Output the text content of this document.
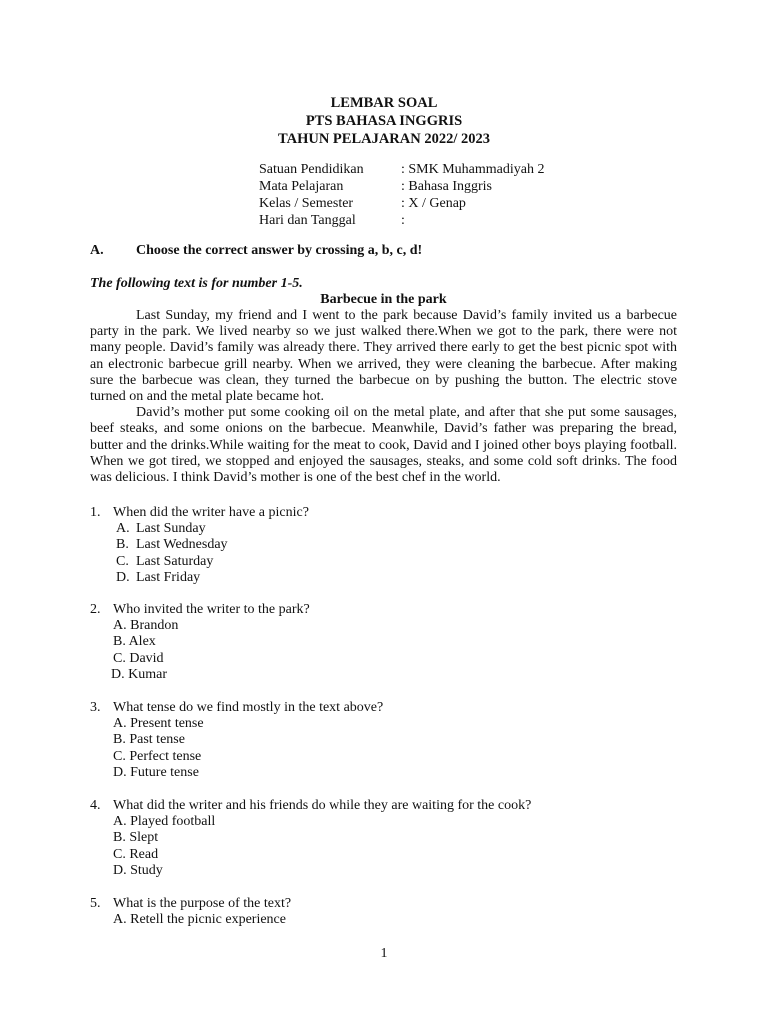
LEMBAR SOAL
PTS BAHASA INGGRIS
TAHUN PELAJARAN 2022/ 2023
Satuan Pendidikan	: SMK Muhammadiyah 2
Mata Pelajaran	: Bahasa Inggris
Kelas / Semester	: X / Genap
Hari dan Tanggal	:
A. Choose the correct answer by crossing a, b, c, d!
The following text is for number 1-5.
Barbecue in the park

Last Sunday, my friend and I went to the park because David’s family invited us a barbecue party in the park. We lived nearby so we just walked there.When we got to the park, there were not many people. David’s family was already there. They arrived there early to get the best picnic spot with an electronic barbecue grill nearby. When we arrived, they were cleaning the barbecue. After making sure the barbecue was clean, they turned the barbecue on by pushing the button. The electric stove turned on and the metal plate became hot.

David’s mother put some cooking oil on the metal plate, and after that she put some sausages, beef steaks, and some onions on the barbecue. Meanwhile, David’s father was preparing the bread, butter and the drinks.While waiting for the meat to cook, David and I joined other boys playing football. When we got tired, we stopped and enjoyed the sausages, steaks, and some cold soft drinks. The food was delicious. I think David’s mother is one of the best chef in the world.

1. When did the writer have a picnic?
A. Last Sunday
B. Last Wednesday
C. Last Saturday
D. Last Friday
2. Who invited the writer to the park?
A. Brandon
B. Alex
C. David
D. Kumar
3. What tense do we find mostly in the text above?
A. Present tense
B. Past tense
C. Perfect tense
D. Future tense
4. What did the writer and his friends do while they are waiting for the cook?
A. Played football
B. Slept
C. Read
D. Study
5. What is the purpose of the text?
A. Retell the picnic experience
1
